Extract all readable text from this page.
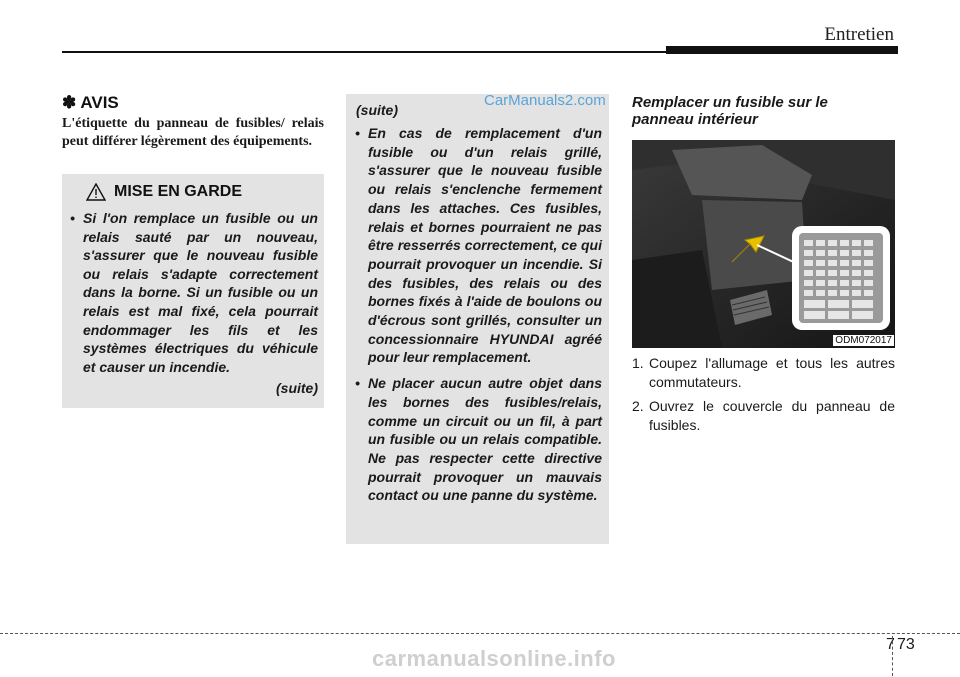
Entretien
✽ AVIS
L'étiquette du panneau de fusibles/ relais peut différer légèrement des équipements.
MISE EN GARDE
• Si l'on remplace un fusible ou un relais sauté par un nouveau, s'assurer que le nouveau fusible ou relais s'adapte correctement dans la borne. Si un fusible ou un relais est mal fixé, cela pourrait endommager les fils et les systèmes électriques du véhicule et causer un incendie.
(suite)
(suite)
• En cas de remplacement d'un fusible ou d'un relais grillé, s'assurer que le nouveau fusible ou relais s'enclenche fermement dans les attaches. Ces fusibles, relais et bornes pourraient ne pas être resserrés correctement, ce qui pourrait provoquer un incendie. Si des fusibles, des relais ou des bornes fixés à l'aide de boulons ou d'écrous sont grillés, consulter un concessionnaire HYUNDAI agréé pour leur remplacement.
• Ne placer aucun autre objet dans les bornes des fusibles/relais, comme un circuit ou un fil, à part un fusible ou un relais compatible. Ne pas respecter cette directive pourrait provoquer un mauvais contact ou une panne du système.
CarManuals2.com Remplacer un fusible sur le panneau intérieur
ODM072017
1. Coupez l'allumage et tous les autres commutateurs.
2. Ouvrez le couvercle du panneau de fusibles.
7 73
carmanualsonline.info
